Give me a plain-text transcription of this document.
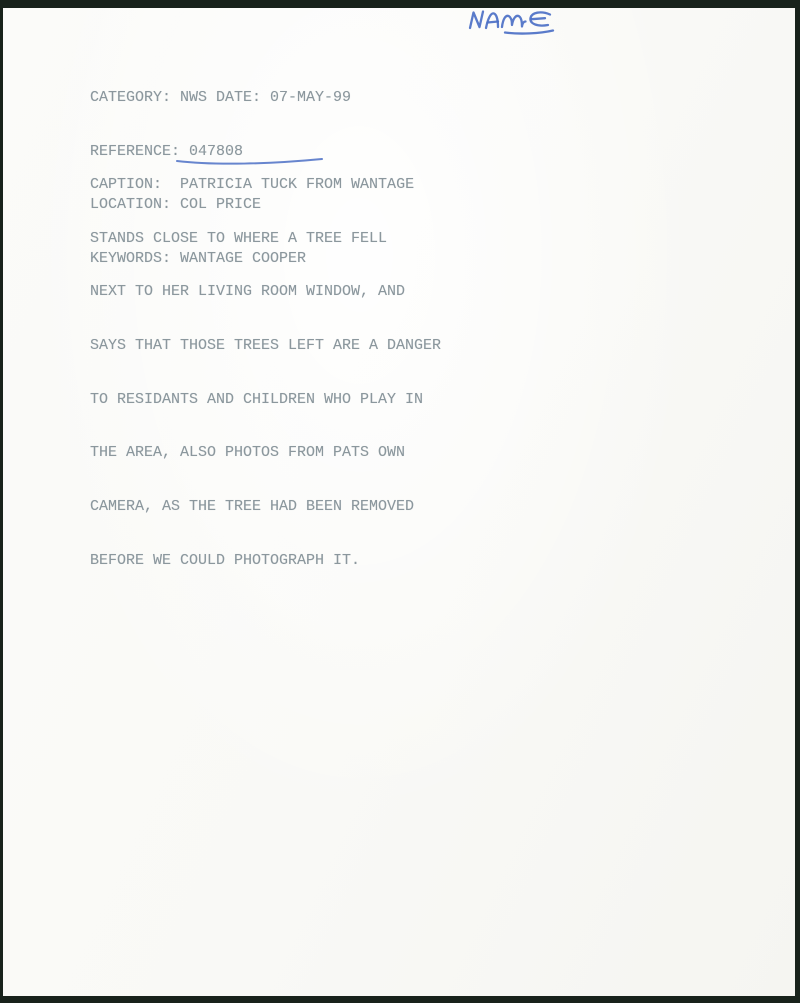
CATEGORY: NWS DATE: 07-MAY-99

REFERENCE: 047808

LOCATION: COL PRICE

KEYWORDS: WANTAGE COOPER

CAPTION:  PATRICIA TUCK FROM WANTAGE

STANDS CLOSE TO WHERE A TREE FELL

NEXT TO HER LIVING ROOM WINDOW, AND

SAYS THAT THOSE TREES LEFT ARE A DANGER

TO RESIDANTS AND CHILDREN WHO PLAY IN

THE AREA, ALSO PHOTOS FROM PATS OWN

CAMERA, AS THE TREE HAD BEEN REMOVED

BEFORE WE COULD PHOTOGRAPH IT.
